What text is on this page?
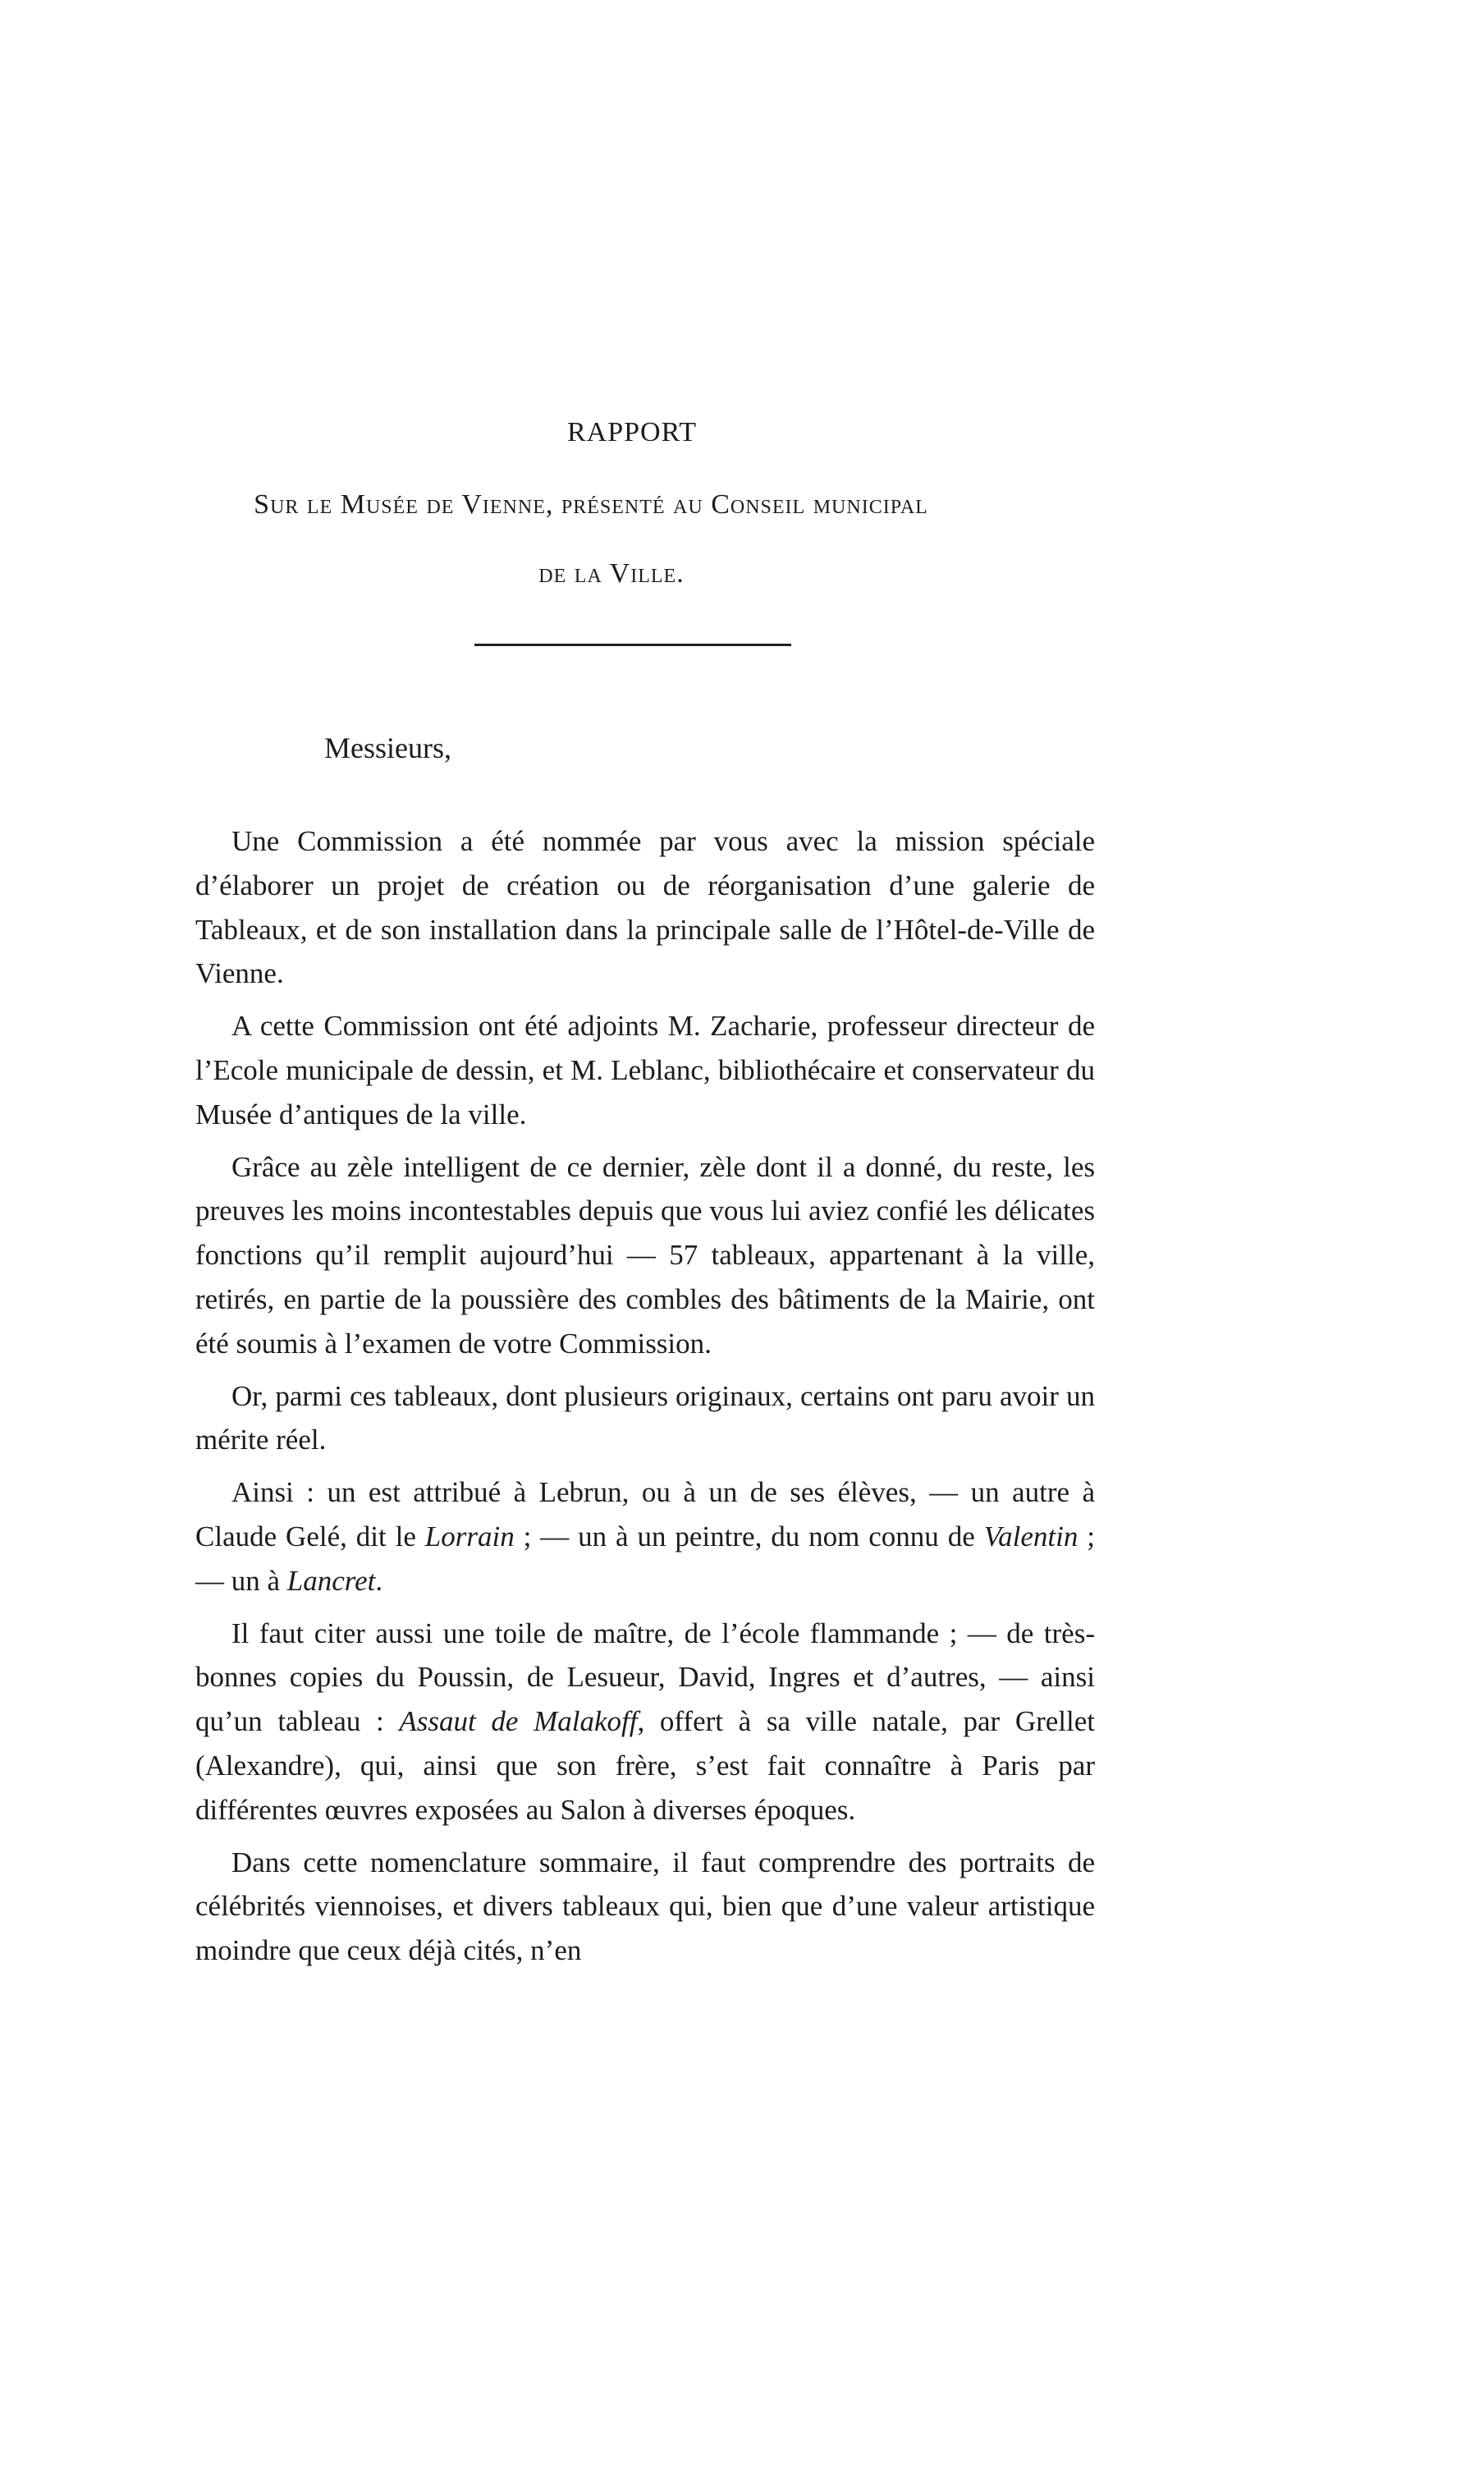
RAPPORT
Sur le Musée de Vienne, présenté au Conseil municipal
de la Ville.
Messieurs,

Une Commission a été nommée par vous avec la mission spéciale d’élaborer un projet de création ou de réorganisation d’une galerie de Tableaux, et de son installation dans la principale salle de l’Hôtel-de-Ville de Vienne.

A cette Commission ont été adjoints M. Zacharie, professeur directeur de l’Ecole municipale de dessin, et M. Leblanc, bibliothécaire et conservateur du Musée d’antiques de la ville.

Grâce au zèle intelligent de ce dernier, zèle dont il a donné, du reste, les preuves les moins incontestables depuis que vous lui aviez confié les délicates fonctions qu’il remplit aujourd’hui — 57 tableaux, appartenant à la ville, retirés, en partie de la poussière des combles des bâtiments de la Mairie, ont été soumis à l’examen de votre Commission.

Or, parmi ces tableaux, dont plusieurs originaux, certains ont paru avoir un mérite réel.

Ainsi : un est attribué à Lebrun, ou à un de ses élèves, — un autre à Claude Gelé, dit le Lorrain ; — un à un peintre, du nom connu de Valentin ; — un à Lancret.

Il faut citer aussi une toile de maître, de l’école flammande ; — de très-bonnes copies du Poussin, de Lesueur, David, Ingres et d’autres, — ainsi qu’un tableau : Assaut de Malakoff, offert à sa ville natale, par Grellet (Alexandre), qui, ainsi que son frère, s’est fait connaître à Paris par différentes œuvres exposées au Salon à diverses époques.

Dans cette nomenclature sommaire, il faut comprendre des portraits de célébrités viennoises, et divers tableaux qui, bien que d’une valeur artistique moindre que ceux déjà cités, n’en
